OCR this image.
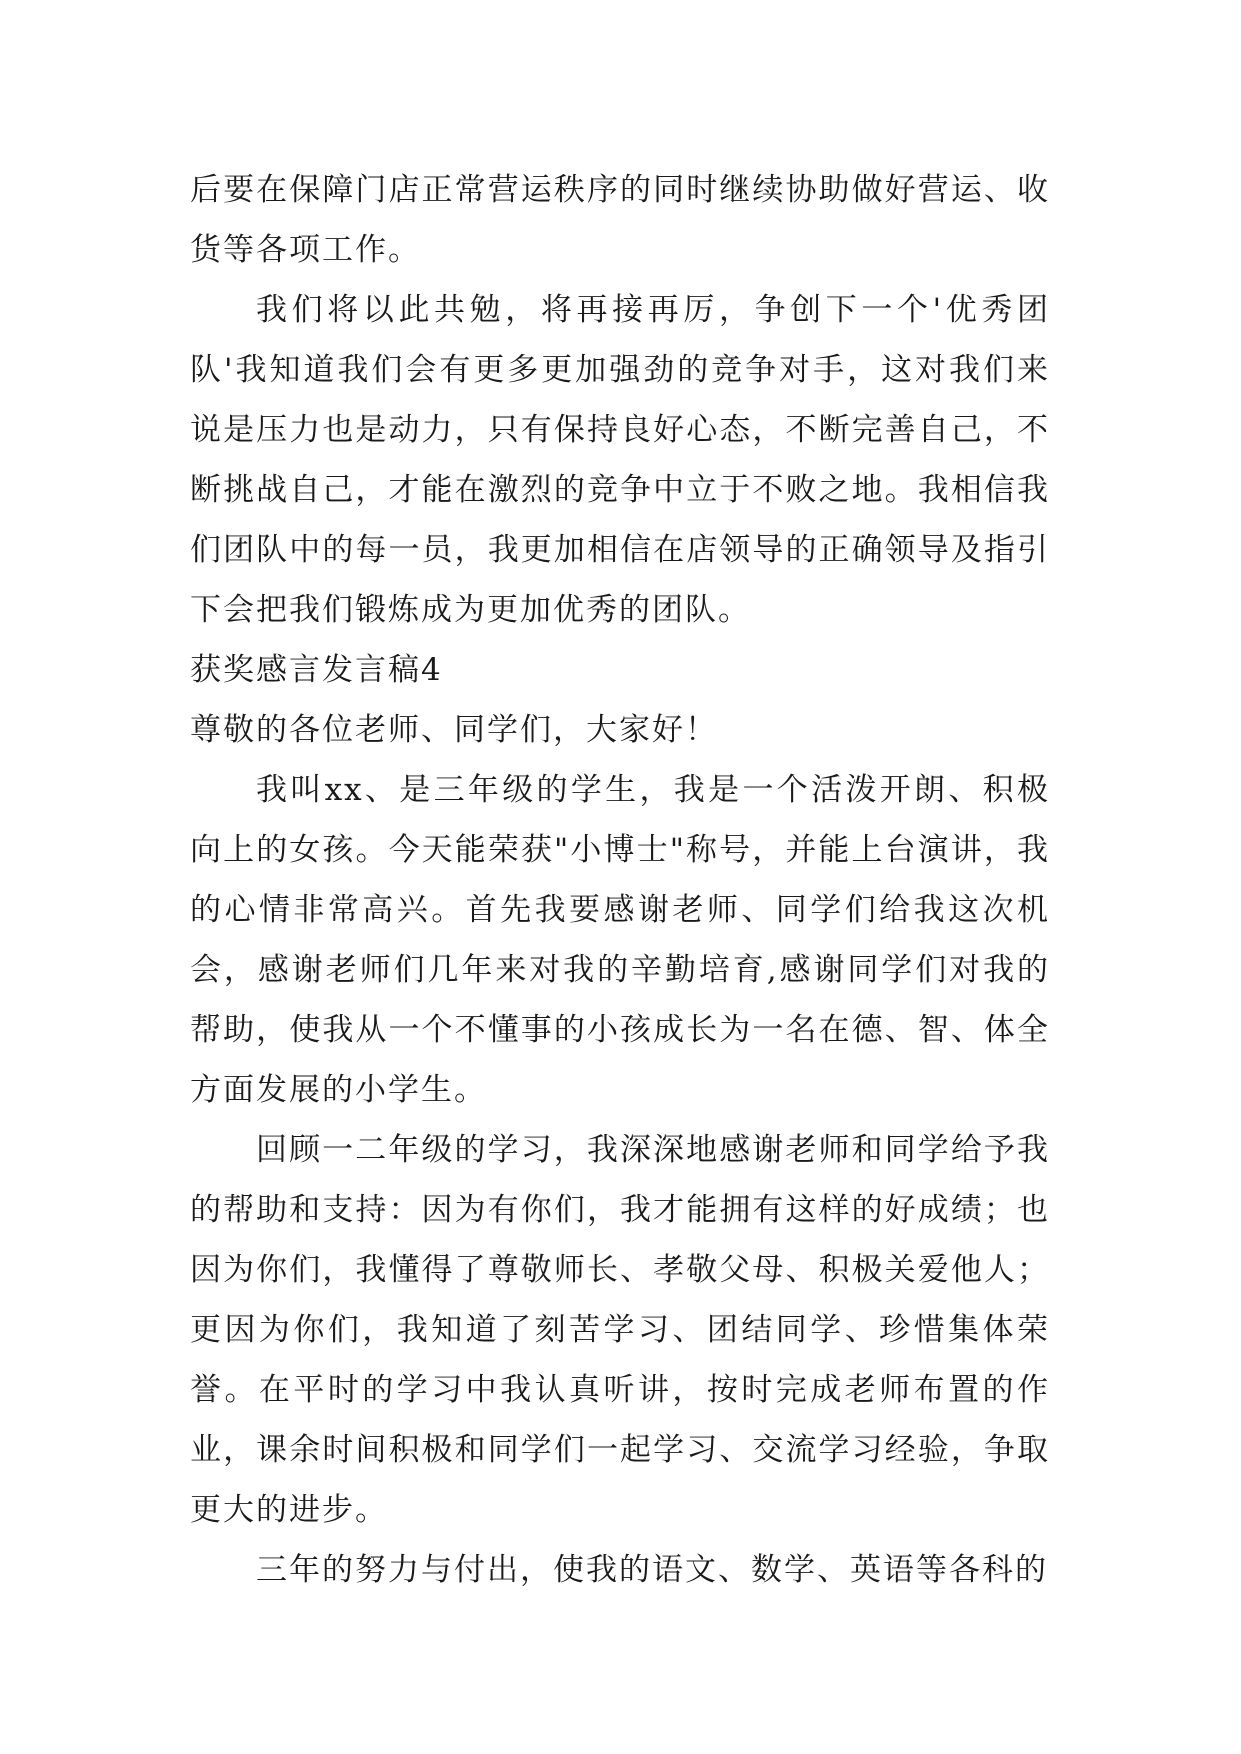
后要在保障门店正常营运秩序的同时继续协助做好营运、收货等各项工作。

我们将以此共勉，将再接再厉，争创下一个'优秀团队'我知道我们会有更多更加强劲的竞争对手，这对我们来说是压力也是动力，只有保持良好心态，不断完善自己，不断挑战自己，才能在激烈的竞争中立于不败之地。我相信我们团队中的每一员，我更加相信在店领导的正确领导及指引下会把我们锻炼成为更加优秀的团队。

获奖感言发言稿4

尊敬的各位老师、同学们，大家好！

我叫xx、是三年级的学生，我是一个活泼开朗、积极向上的女孩。今天能荣获"小博士"称号，并能上台演讲，我的心情非常高兴。首先我要感谢老师、同学们给我这次机会，感谢老师们几年来对我的辛勤培育,感谢同学们对我的帮助，使我从一个不懂事的小孩成长为一名在德、智、体全方面发展的小学生。

回顾一二年级的学习，我深深地感谢老师和同学给予我的帮助和支持：因为有你们，我才能拥有这样的好成绩；也因为你们，我懂得了尊敬师长、孝敬父母、积极关爱他人；更因为你们，我知道了刻苦学习、团结同学、珍惜集体荣誉。在平时的学习中我认真听讲，按时完成老师布置的作业，课余时间积极和同学们一起学习、交流学习经验，争取更大的进步。

三年的努力与付出，使我的语文、数学、英语等各科的
